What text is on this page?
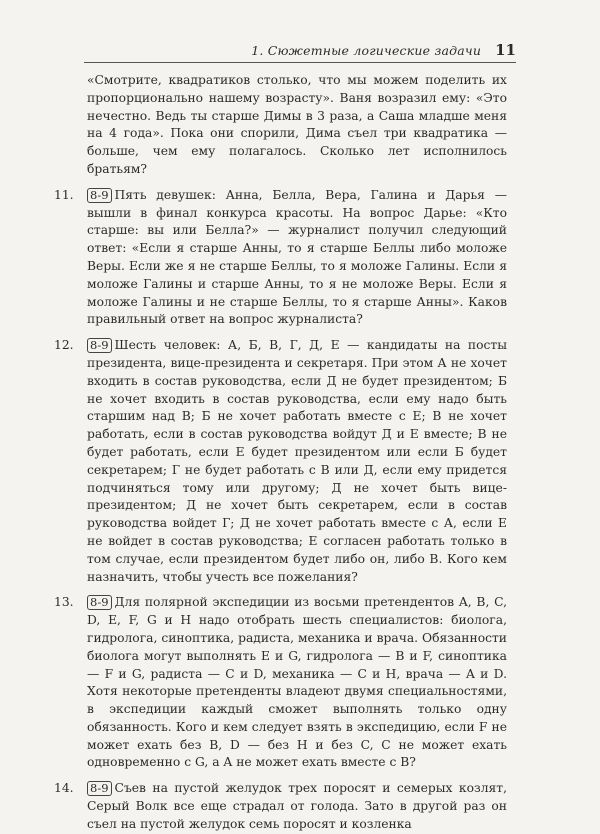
1. Сюжетные логические задачи 11

«Смотрите, квадратиков столько, что мы можем поделить их пропорционально нашему возрасту». Ваня возразил ему: «Это нечестно. Ведь ты старше Димы в 3 раза, а Саша младше меня на 4 года». Пока они спорили, Дима съел три квадратика — больше, чем ему полагалось. Сколько лет исполнилось братьям?

11. 8-9 Пять девушек: Анна, Белла, Вера, Галина и Дарья — вышли в финал конкурса красоты. На вопрос Дарье: «Кто старше: вы или Белла?» — журналист получил следующий ответ: «Если я старше Анны, то я старше Беллы либо моложе Веры. Если же я не старше Беллы, то я моложе Галины. Если я моложе Галины и старше Анны, то я не моложе Веры. Если я моложе Галины и не старше Беллы, то я старше Анны». Каков правильный ответ на вопрос журналиста?
12. 8-9 Шесть человек: А, Б, В, Г, Д, Е — кандидаты на посты президента, вице-президента и секретаря. При этом А не хочет входить в состав руководства, если Д не будет президентом; Б не хочет входить в состав руководства, если ему надо быть старшим над В; Б не хочет работать вместе с Е; В не хочет работать, если в состав руководства войдут Д и Е вместе; В не будет работать, если Е будет президентом или если Б будет секретарем; Г не будет работать с В или Д, если ему придется подчиняться тому или другому; Д не хочет быть вице-президентом; Д не хочет быть секретарем, если в состав руководства войдет Г; Д не хочет работать вместе с А, если Е не войдет в состав руководства; Е согласен работать только в том случае, если президентом будет либо он, либо В. Кого кем назначить, чтобы учесть все пожелания?
13. 8-9 Для полярной экспедиции из восьми претендентов A, B, C, D, E, F, G и H надо отобрать шесть специалистов: биолога, гидролога, синоптика, радиста, механика и врача. Обязанности биолога могут выполнять E и G, гидролога — B и F, синоптика — F и G, радиста — C и D, механика — C и H, врача — A и D. Хотя некоторые претенденты владеют двумя специальностями, в экспедиции каждый сможет выполнять только одну обязанность. Кого и кем следует взять в экспедицию, если F не может ехать без B, D — без H и без C, C не может ехать одновременно с G, а A не может ехать вместе с B?
14. 8-9 Съев на пустой желудок трех поросят и семерых козлят, Серый Волк все еще страдал от голода. Зато в другой раз он съел на пустой желудок семь поросят и козленка
